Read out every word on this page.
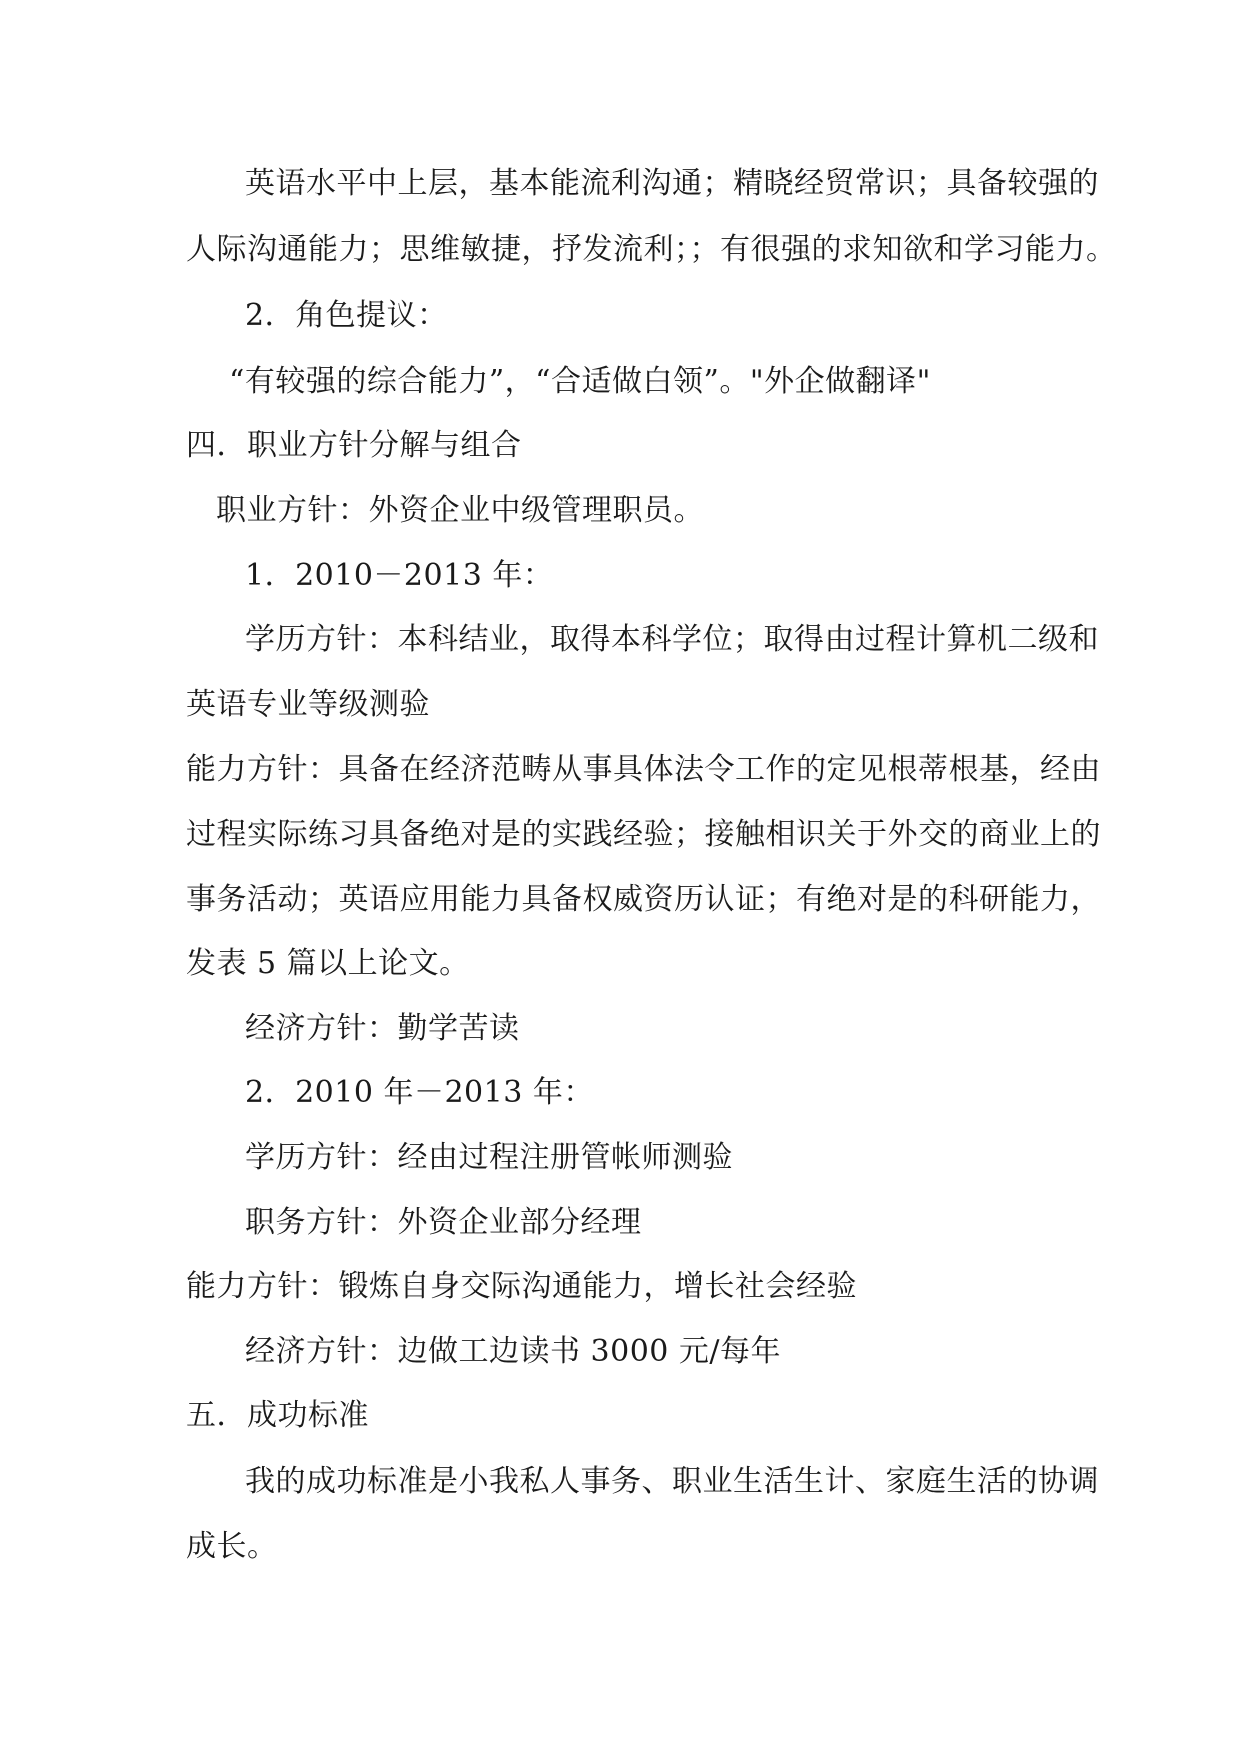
英语水平中上层，基本能流利沟通；精晓经贸常识；具备较强的

人际沟通能力；思维敏捷，抒发流利；；有很强的求知欲和学习能力。

2．角色提议：

“有较强的综合能力”，“合适做白领”。"外企做翻译"

四．职业方针分解与组合

职业方针：外资企业中级管理职员。

1．2010－2013 年：

学历方针：本科结业，取得本科学位；取得由过程计算机二级和

英语专业等级测验

能力方针：具备在经济范畴从事具体法令工作的定见根蒂根基，经由

过程实际练习具备绝对是的实践经验；接触相识关于外交的商业上的

事务活动；英语应用能力具备权威资历认证；有绝对是的科研能力，

发表 5 篇以上论文。

经济方针：勤学苦读

2．2010 年－2013 年：

学历方针：经由过程注册管帐师测验

职务方针：外资企业部分经理

能力方针：锻炼自身交际沟通能力，增长社会经验

经济方针：边做工边读书 3000 元/每年

五．成功标准

我的成功标准是小我私人事务、职业生活生计、家庭生活的协调

成长。
